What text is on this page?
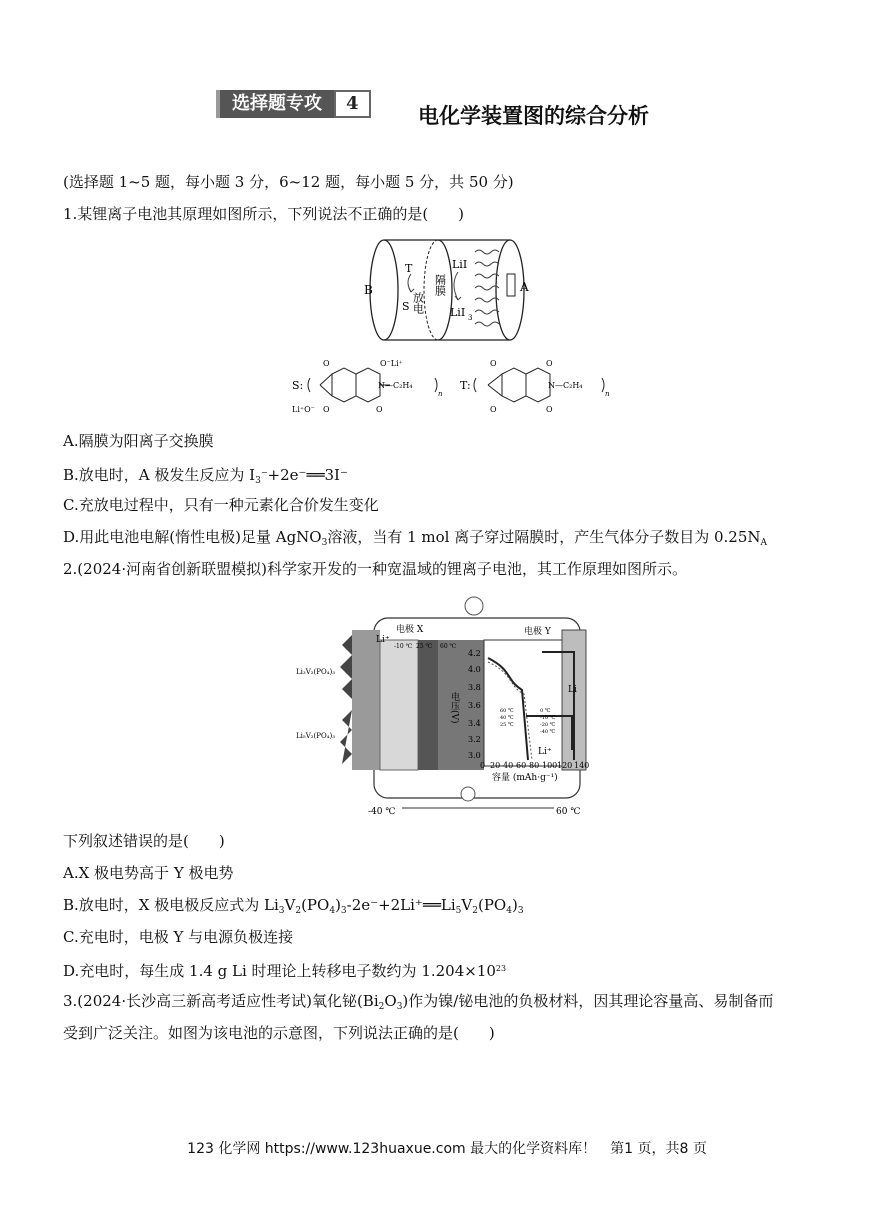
选择题专攻	4
电化学装置图的综合分析
(选择题 1~5 题，每小题 3 分，6~12 题，每小题 5 分，共 50 分)
1.某锂离子电池其原理如图所示，下列说法不正确的是(　　)
B	A
T
S 放电
隔膜
LiI
LiI 3
S:
O
O	O
O⁻Li⁺
Li⁺O⁻
N—C₂H₄
n
T:
O
O
O
O
N—C₂H₄
n
A.隔膜为阳离子交换膜
B.放电时，A 极发生反应为 $I_3^-+2e^-══3I^-$
C.充放电过程中，只有一种元素化合价发生变化
D.用此电池电解(惰性电极)足量 AgNO$_3$溶液，当有 1 mol 离子穿过隔膜时，产生气体分子数目为 $0.25N_A$
2.(2024·河南省创新联盟模拟)科学家开发的一种宽温域的锂离子电池，其工作原理如图所示。
电极 X	电极 Y
Li⁺
Li⁺
Li
Li₃V₂(PO₄)₃
Li₅V₂(PO₄)₃
-10 ℃ 25 ℃ 60 ℃
电压(V)
4.2
4.0
3.8
3.6
3.4
3.2
3.0
0 20 40 60 80 100 120 140
容量 (mAh·g⁻¹)
60 ℃
40 ℃
25 ℃
0 ℃
-10 ℃
-20 ℃
-40 ℃
-40 ℃	60 ℃
下列叙述错误的是(　　)
A.X 极电势高于 Y 极电势
B.放电时，X 极电极反应式为 $Li_3V_2(PO_4)_3-2e^-+2Li^+══Li_5V_2(PO_4)_3$
C.充电时，电极 Y 与电源负极连接
D.充电时，每生成 1.4 g Li 时理论上转移电子数约为 $1.204\times 10^{23}$
3.(2024·长沙高三新高考适应性考试)氧化铋$(Bi_2O_3)$作为镍/铋电池的负极材料，因其理论容量高、易制备而
受到广泛关注。如图为该电池的示意图，下列说法正确的是(　　)
123 化学网 https://www.123huaxue.com 最大的化学资料库！　第1 页，共8 页
